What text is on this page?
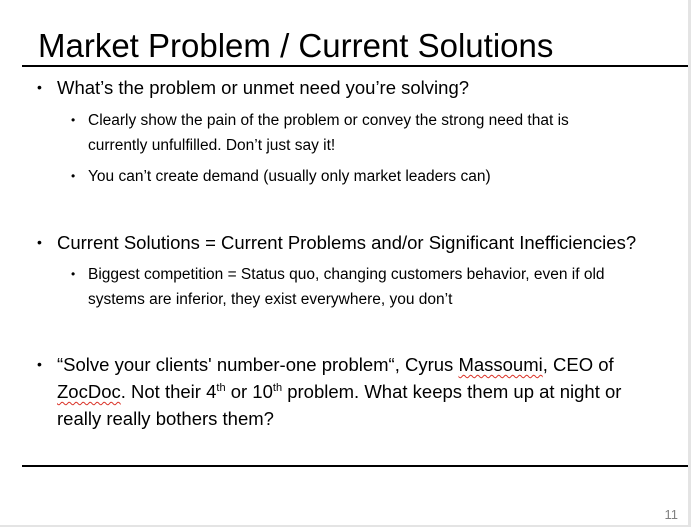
Market Problem / Current Solutions
• What’s the problem or unmet need you’re solving?
• Clearly show the pain of the problem or convey the strong need that is
currently unfulfilled. Don’t just say it!
• You can’t create demand (usually only market leaders can)
• Current Solutions = Current Problems and/or Significant Inefficiencies?
• Biggest competition = Status quo, changing customers behavior, even if old
systems are inferior, they exist everywhere, you don’t
• “Solve your clients' number-one problem“, Cyrus Massoumi, CEO of
ZocDoc. Not their 4th or 10th problem. What keeps them up at night or
really really bothers them?
11
